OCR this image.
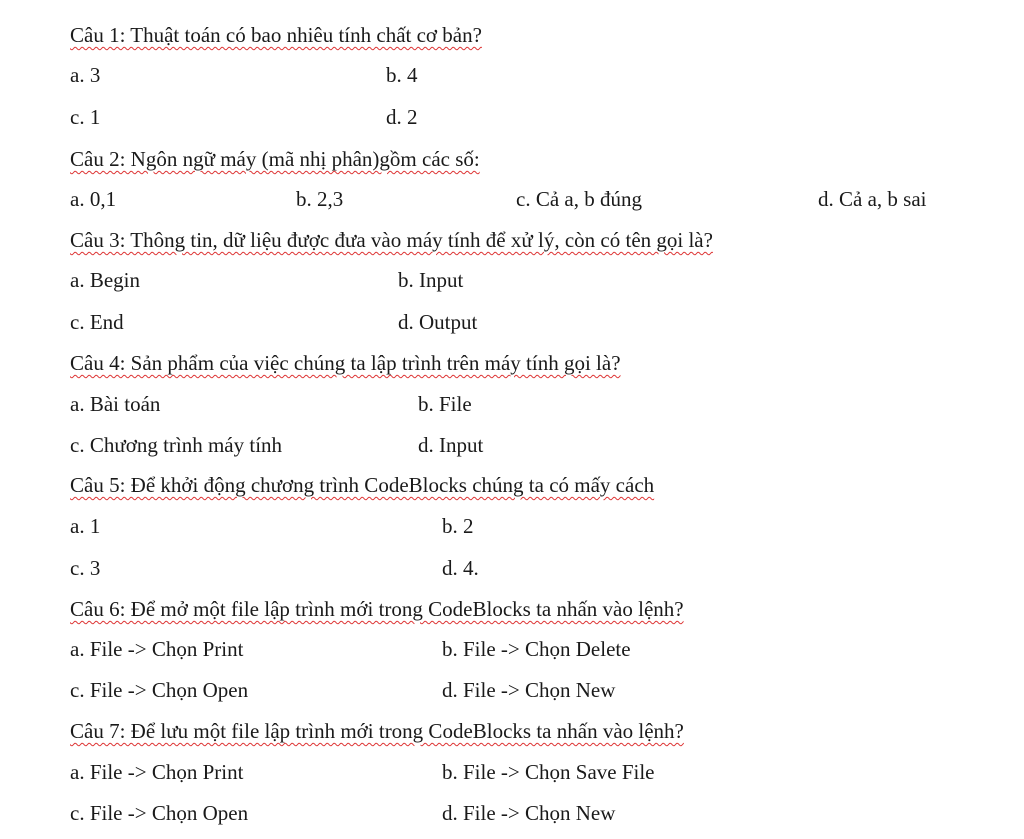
Câu 1: Thuật toán có bao nhiêu tính chất cơ bản?
a. 3	b. 4
c. 1	d. 2
Câu 2: Ngôn ngữ máy (mã nhị phân)gồm các số:
a. 0,1	b. 2,3	c. Cả a, b đúng	d. Cả a, b sai
Câu 3: Thông tin, dữ liệu được đưa vào máy tính để xử lý, còn có tên gọi là?
a. Begin	b. Input
c. End	d. Output
Câu 4: Sản phẩm của việc chúng ta lập trình trên máy tính gọi là?
a. Bài toán	b. File
c. Chương trình máy tính	d. Input
Câu 5: Để khởi động chương trình CodeBlocks chúng ta có mấy cách
a. 1	b. 2
c. 3	d. 4.
Câu 6: Để mở một file lập trình mới trong CodeBlocks ta nhấn vào lệnh?
a. File -> Chọn Print	b. File -> Chọn Delete
c. File -> Chọn Open	d. File -> Chọn New
Câu 7: Để lưu một file lập trình mới trong CodeBlocks ta nhấn vào lệnh?
a. File -> Chọn Print	b. File -> Chọn Save File
c. File -> Chọn Open	d. File -> Chọn New
